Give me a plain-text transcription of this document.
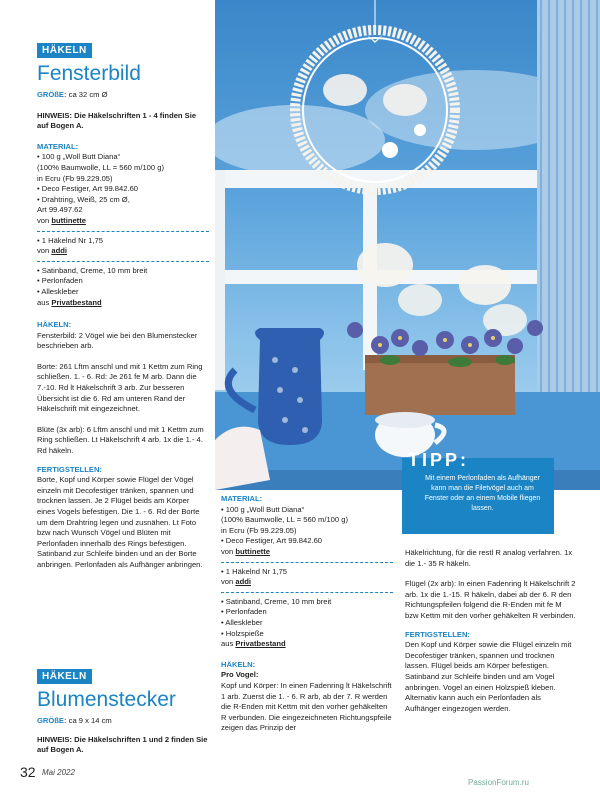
HÄKELN
Fensterbild

GRÖßE: ca 32 cm Ø

HINWEIS: Die Häkelschriften 1 - 4 finden Sie auf Bogen A.

MATERIAL:
• 100 g „Woll Butt Diana“
(100% Baumwolle, LL = 560 m/100 g)
in Ecru (Fb 99.229.05)
• Deco Festiger, Art 99.842.60
• Drahtring, Weiß, 25 cm Ø,
Art 99.497.62
von buttinette
• 1 Häkelnd Nr 1,75
von addi
• Satinband, Creme, 10 mm breit
• Perlonfaden
• Alleskleber
aus Privatbestand
HÄKELN:

Fensterbild: 2 Vögel wie bei den Blumenstecker beschrieben arb.

Borte: 261 Lftm anschl und mit 1 Kettm zum Ring schließen. 1. - 6. Rd: Je 261 fe M arb. Dann die 7.-10. Rd lt Häkelschrift 3 arb. Zur besseren Übersicht ist die 6. Rd am unteren Rand der Häkelschrift mit eingezeichnet.

Blüte (3x arb): 6 Lftm anschl und mit 1 Kettm zum Ring schließen. Lt Häkelschrift 4 arb. 1x die 1.- 4. Rd häkeln.

FERTIGSTELLEN:

Borte, Kopf und Körper sowie Flügel der Vögel einzeln mit Decofestiger tränken, spannen und trocknen lassen. Je 2 Flügel beids am Körper eines Vogels befestigen. Die 1. - 6. Rd der Borte um dem Drahtring legen und zusnähen. Lt Foto bzw nach Wunsch Vögel und Blüten mit Perlonfaden innerhalb des Rings befestigen. Satinband zur Schleife binden und an der Borte anbringen. Perlonfaden als Aufhänger anbringen.

HÄKELN
Blumenstecker

GRÖßE: ca 9 x 14 cm

HINWEIS: Die Häkelschriften 1 und 2 finden Sie auf Bogen A.

TIPP:
Mit einem Perlonfaden als Aufhänger kann man die Filetvögel auch am Fenster oder an einem Mobile fliegen lassen.
MATERIAL:
• 100 g „Woll Butt Diana“
(100% Baumwolle, LL = 560 m/100 g)
in Ecru (Fb 99.229.05)
• Deco Festiger, Art 99.842.60
von buttinette
• 1 Häkelnd Nr 1,75
von addi
• Satinband, Creme, 10 mm breit
• Perlonfaden
• Alleskleber
• Holzspieße
aus Privatbestand
HÄKELN:

Pro Vogel:

Kopf und Körper: In einen Fadenring lt Häkelschrift 1 arb. Zuerst die 1. - 6. R arb, ab der 7. R werden die R-Enden mit Kettm mit den vorher gehäkelten R verbunden. Die eingezeichneten Richtungspfeile zeigen das Prinzip der

Häkelrichtung, für die restl R analog verfahren. 1x die 1.- 35 R häkeln.

Flügel (2x arb): In einen Fadenring lt Häkelschrift 2 arb. 1x die 1.-15. R häkeln, dabei ab der 6. R den Richtungspfeilen folgend die R-Enden mit fe M bzw Kettm mit den vorher gehäkelten R verbinden.

FERTIGSTELLEN:

Den Kopf und Körper sowie die Flügel einzeln mit Decofestiger tränken, spannen und trocknen lassen. Flügel beids am Körper befestigen. Satinband zur Schleife binden und am Vogel anbringen. Vogel an einen Holzspieß kleben. Alternativ kann auch ein Perlonfaden als Aufhänger eingezogen werden.

32 Mai 2022
PassionForum.ru
